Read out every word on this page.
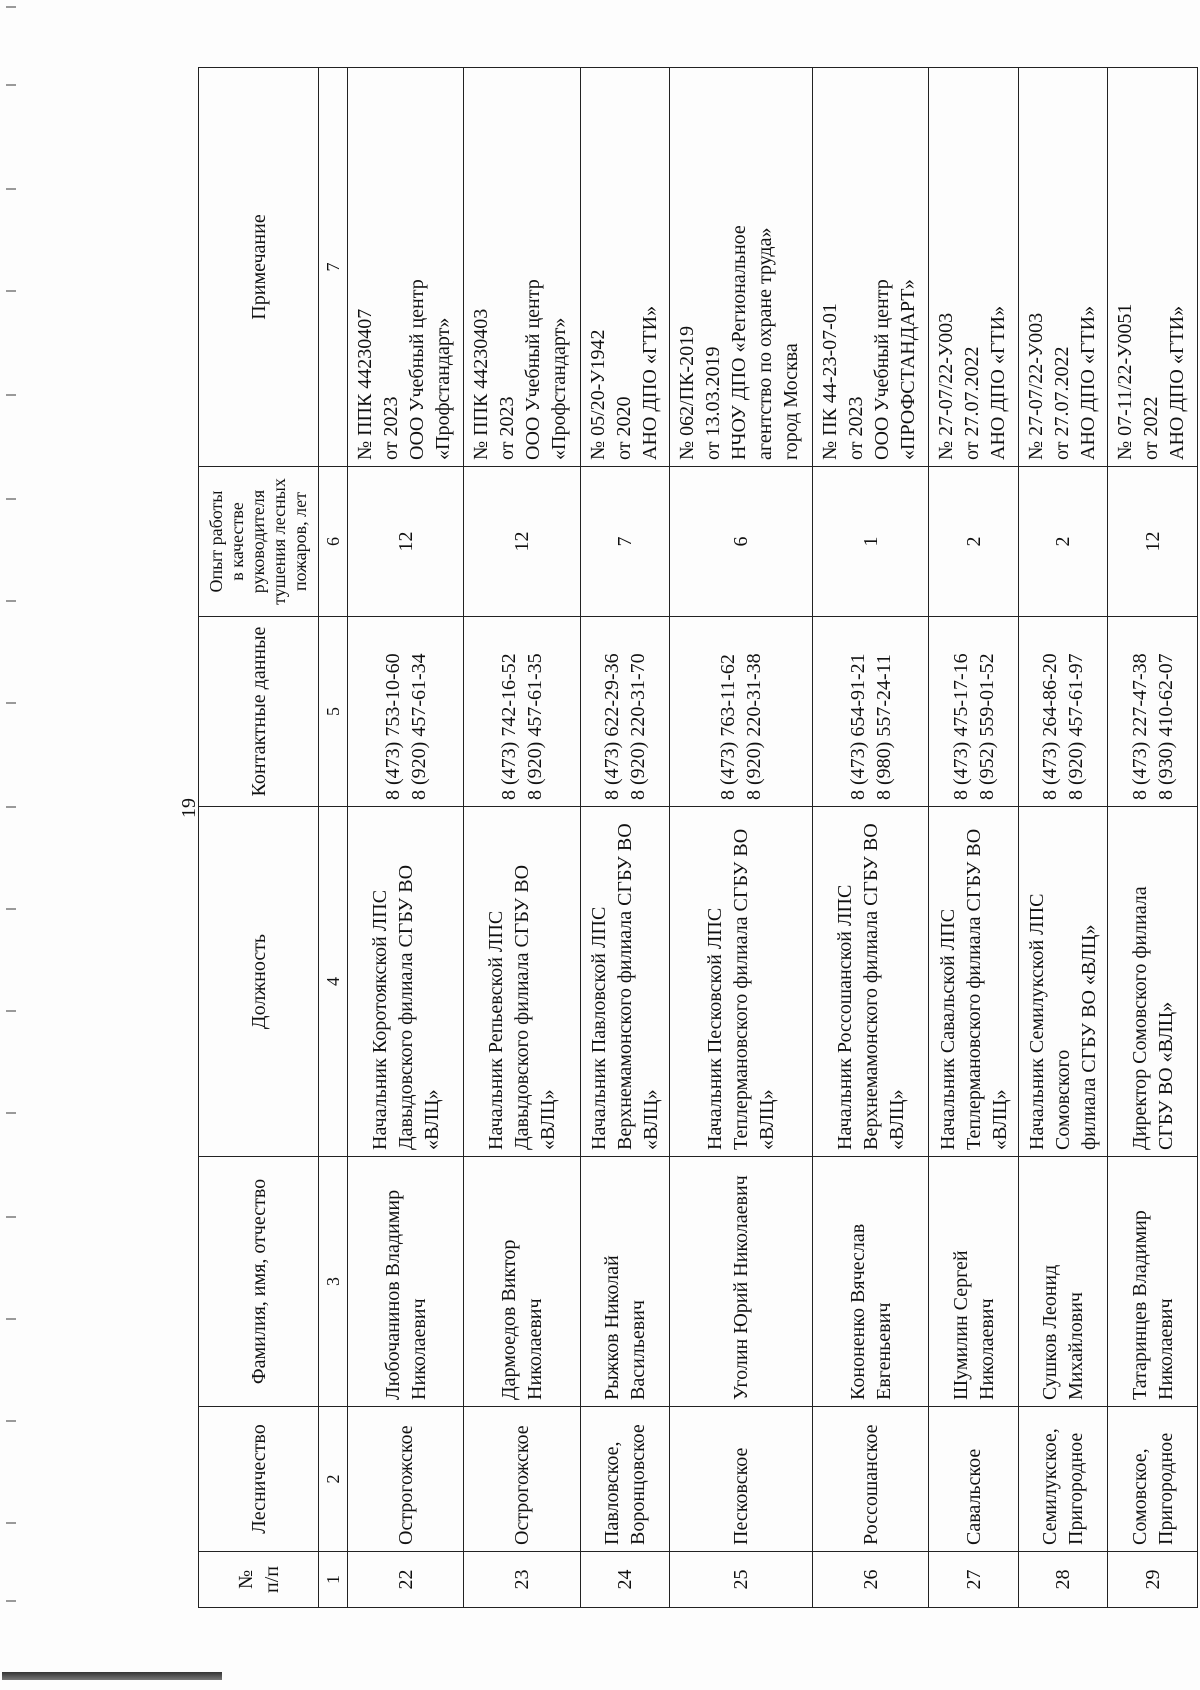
19
№
п/п	Лесничество	Фамилия, имя, отчество	Должность	Контактные данные	Опыт работы
в качестве
руководителя
тушения лесных
пожаров, лет	Примечание
1	2	3	4	5	6	7
22	Острогожское	Любочанинов Владимир Николаевич	Начальник Коротоякской ЛПС
Давыдовского филиала СГБУ ВО «ВЛЦ»	8 (473) 753-10-60
8 (920) 457-61-34	12	№ ППК 44230407
от 2023
ООО Учебный центр
«Профстандарт»
23	Острогожское	Дармоедов Виктор Николаевич	Начальник Репьевской ЛПС
Давыдовского филиала СГБУ ВО «ВЛЦ»	8 (473) 742-16-52
8 (920) 457-61-35	12	№ ППК 44230403
от 2023
ООО Учебный центр
«Профстандарт»
24	Павловское,
Воронцовское	Рыжков Николай Васильевич	Начальник Павловской ЛПС
Верхнемамонского филиала СГБУ ВО
«ВЛЦ»	8 (473) 622-29-36
8 (920) 220-31-70	7	№ 05/20-У1942
от 2020
АНО ДПО «ГТИ»
25	Песковское	Уголин Юрий Николаевич	Начальник Песковской ЛПС
Теплермановского филиала СГБУ ВО
«ВЛЦ»	8 (473) 763-11-62
8 (920) 220-31-38	6	№ 062/ПК-2019
от 13.03.2019
НЧОУ ДПО «Региональное
агентство по охране труда»
город Москва
26	Россошанское	Кононенко Вячеслав Евгеньевич	Начальник Россошанской ЛПС
Верхнемамонского филиала СГБУ ВО
«ВЛЦ»	8 (473) 654-91-21
8 (980) 557-24-11	1	№ ПК 44-23-07-01
от 2023
ООО Учебный центр
«ПРОФСТАНДАРТ»
27	Савальское	Шумилин Сергей Николаевич	Начальник Савальской ЛПС
Теплермановского филиала СГБУ ВО
«ВЛЦ»	8 (473) 475-17-16
8 (952) 559-01-52	2	№ 27-07/22-У003
от 27.07.2022
АНО ДПО «ГТИ»
28	Семилукское,
Пригородное	Сушков Леонид Михайлович	Начальник Семилукской ЛПС Сомовского
филиала СГБУ ВО «ВЛЦ»	8 (473) 264-86-20
8 (920) 457-61-97	2	№ 27-07/22-У003
от 27.07.2022
АНО ДПО «ГТИ»
29	Сомовское,
Пригородное	Татаринцев Владимир Николаевич	Директор Сомовского филиала
СГБУ ВО «ВЛЦ»	8 (473) 227-47-38
8 (930) 410-62-07	12	№ 07-11/22-У0051
от 2022
АНО ДПО «ГТИ»
